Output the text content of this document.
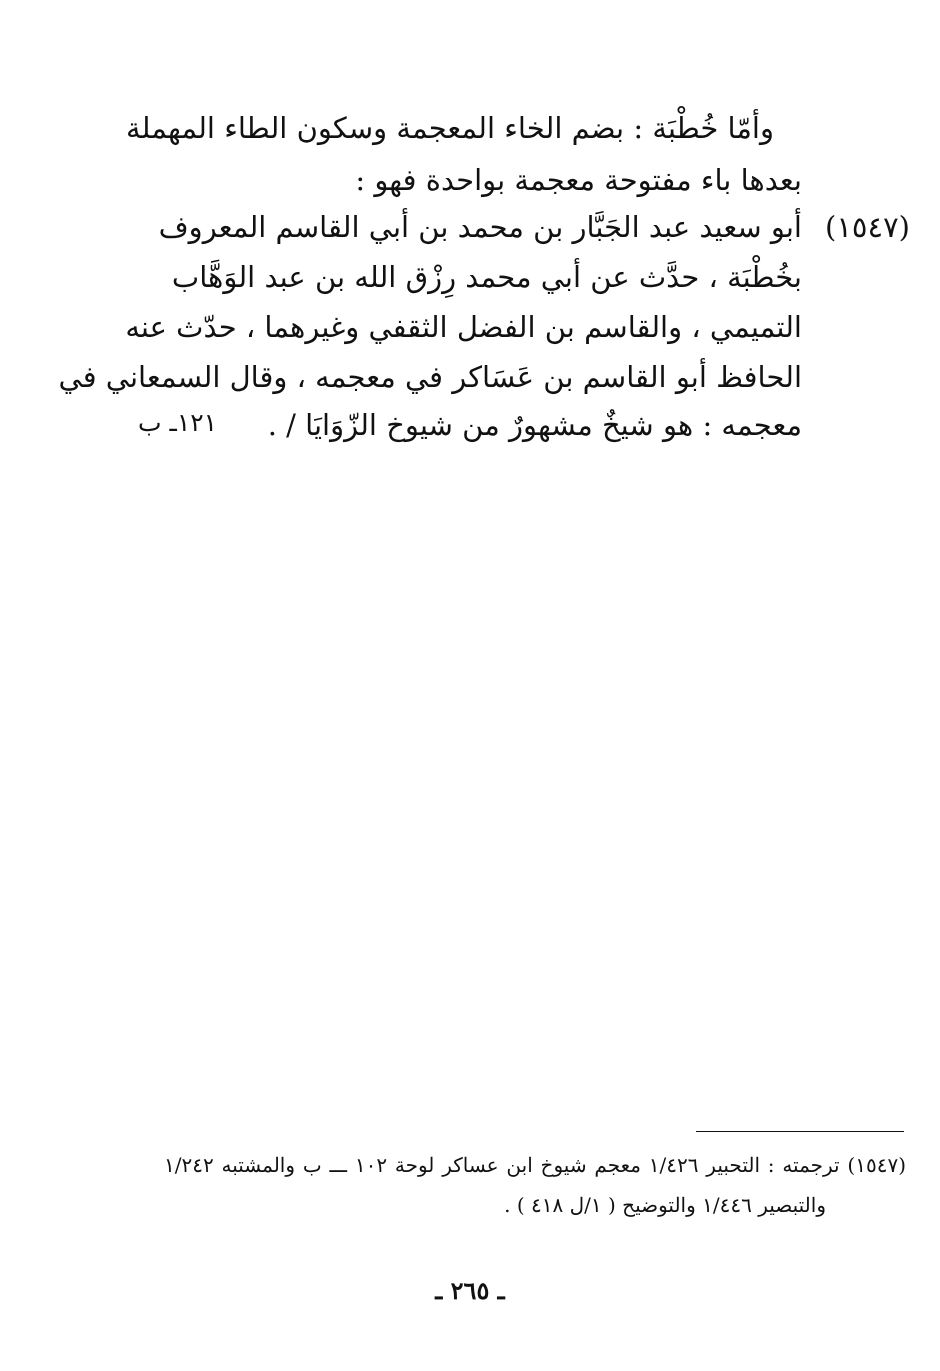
وأمّا خُطْبَة : بضم الخاء المعجمة وسكون الطاء المهملة
بعدها باء مفتوحة معجمة بواحدة فهو :
(١٥٤٧)
أبو سعيد عبد الجَبَّار بن محمد بن أبي القاسم المعروف
بخُطْبَة ، حدَّث عن أبي محمد رِزْق الله بن عبد الوَهَّاب
التميمي ، والقاسم بن الفضل الثقفي وغيرهما ، حدّث عنه
الحافظ أبو القاسم بن عَسَاكر في معجمه ، وقال السمعاني في
معجمه : هو شيخٌ مشهورٌ من شيوخ الزّوَايَا / .
١٢١ـ ب
(١٥٤٧) ترجمته : التحبير ١/٤٢٦ معجم شيوخ ابن عساكر لوحة ١٠٢ ـــ ب والمشتبه ١/٢٤٢
والتبصير ١/٤٤٦ والتوضيح ( ١/ل ٤١٨ ) .
ـ ٢٦٥ ـ
